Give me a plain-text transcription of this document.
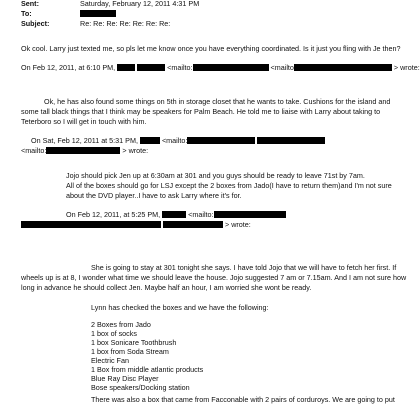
Sent:	Saturday, February 12, 2011 4:31 PM
To:
Subject:	Re: Re: Re: Re: Re: Re: Re:
Ok cool. Larry just texted me, so pls let me know once you have everything coordinated. Is it just you fling with Je then?
On Feb 12, 2011, at 6:10 PM,	<mailto:	<mailto	> wrote:
Ok, he has also found some things on 5th in storage closet that he wants to take. Cushions for the island and
some tall black things that I think may be speakers for Palm Beach. He told me to liaise with Larry about taking to
Teterboro so I will get in touch with him.
On Sat, Feb 12, 2011 at 5:31 PM,	<mailto:
<mailto:	> wrote:
Jojo should pick Jen up at 6:30am at 301 and you guys should be ready to leave 71st by 7am.
All of the boxes should go for LSJ except the 2 boxes from Jado(I have to return them)and I'm not sure
about the DVD player..I have to ask Larry where it's for.
On Feb 12, 2011, at 5:25 PM,	<mailto:
> wrote:
She is going to stay at 301 tonight she says. I have told Jojo that we will have to fetch her first. If
wheels up is at 8, I wonder what time we should leave the house. Jojo suggested 7 am or 7.15am. And I am not sure how
long in advance he should collect Jen. Maybe half an hour, I am worried she wont be ready.
Lynn has checked the boxes and we have the following:
2 Boxes from Jado
1 box of socks
1 box Sonicare Toothbrush
1 box from Soda Stream
Electric Fan
1 Box from middle atlantic products
Blue Ray Disc Player
Bose speakers/Docking station
There was also a box that came from Facconable with 2 pairs of corduroys. We are going to put
